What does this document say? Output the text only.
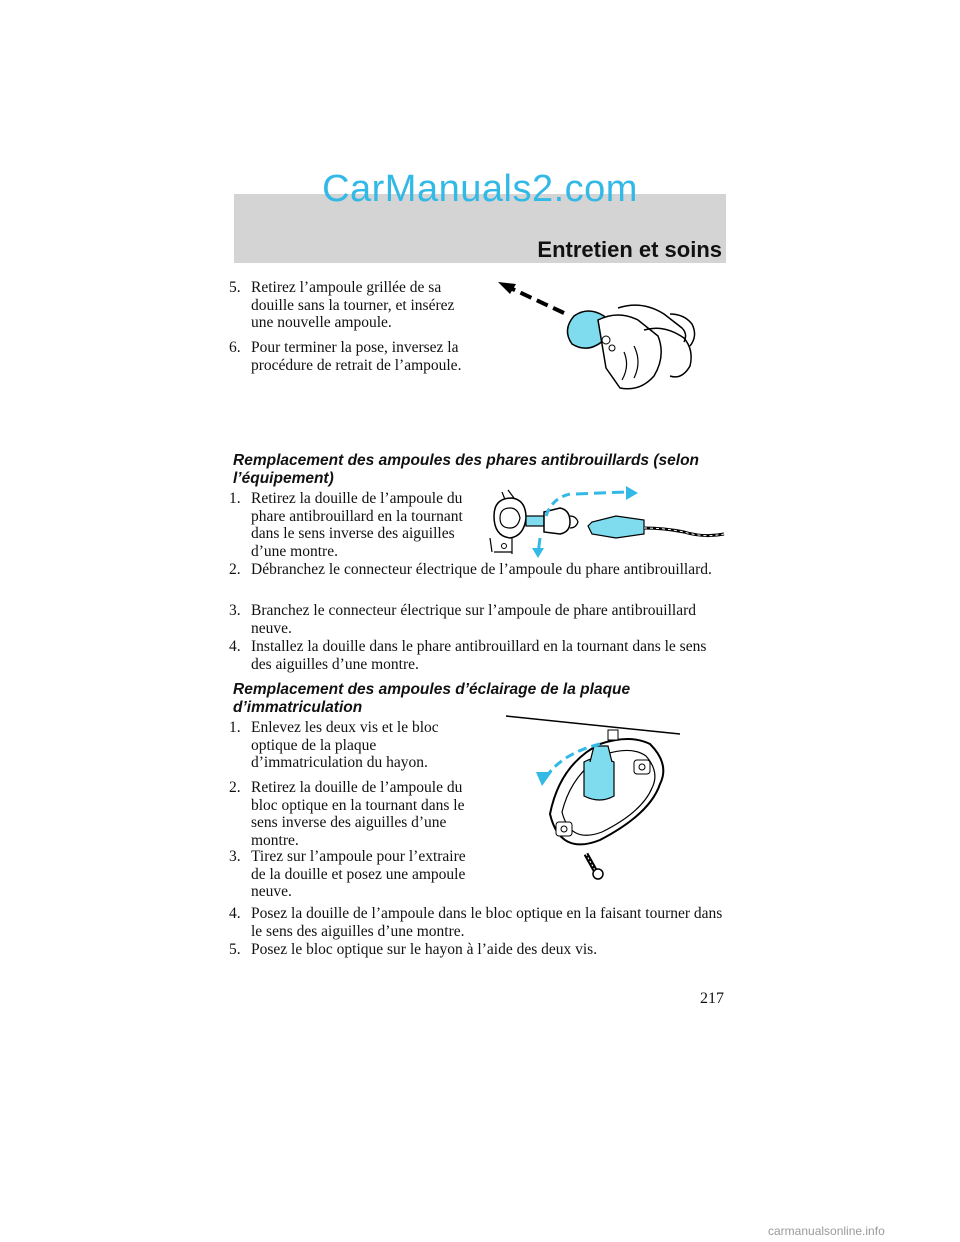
CarManuals2.com
Entretien et soins
5. Retirez l’ampoule grillée de sa douille sans la tourner, et insérez une nouvelle ampoule.
6. Pour terminer la pose, inversez la procédure de retrait de l’ampoule.
Remplacement des ampoules des phares antibrouillards (selon l’équipement)
1. Retirez la douille de l’ampoule du phare antibrouillard en la tournant dans le sens inverse des aiguilles d’une montre.
2. Débranchez le connecteur électrique de l’ampoule du phare antibrouillard.
3. Branchez le connecteur électrique sur l’ampoule de phare antibrouillard neuve.
4. Installez la douille dans le phare antibrouillard en la tournant dans le sens des aiguilles d’une montre.
Remplacement des ampoules d’éclairage de la plaque d’immatriculation
1. Enlevez les deux vis et le bloc optique de la plaque d’immatriculation du hayon.
2. Retirez la douille de l’ampoule du bloc optique en la tournant dans le sens inverse des aiguilles d’une montre.
3. Tirez sur l’ampoule pour l’extraire de la douille et posez une ampoule neuve.
4. Posez la douille de l’ampoule dans le bloc optique en la faisant tourner dans le sens des aiguilles d’une montre.
5. Posez le bloc optique sur le hayon à l’aide des deux vis.
217
carmanualsonline.info
